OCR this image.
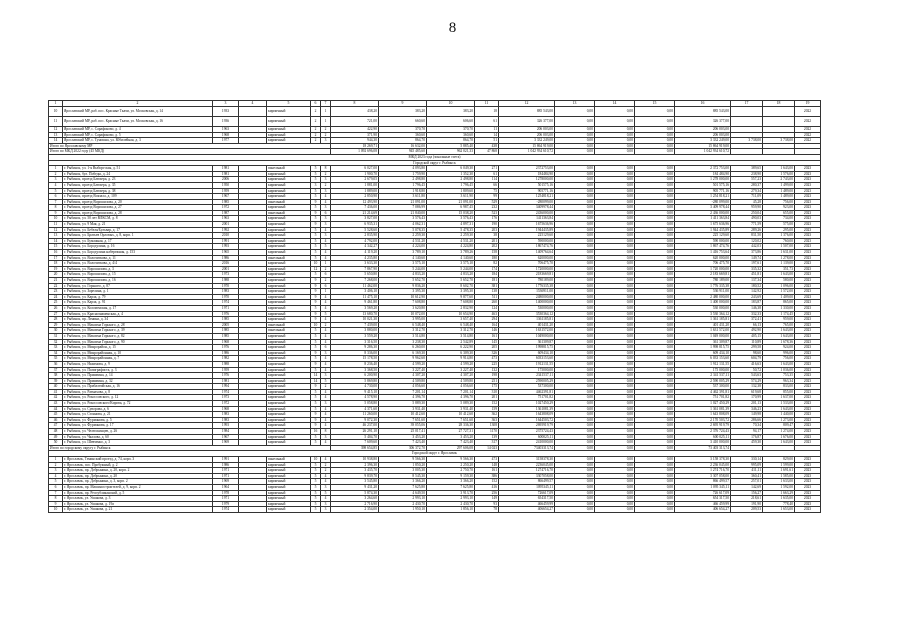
8
1	2	3	4	5	6	7	8	9	10	11	12	13	14	15	16	17	18	19
10	Ярославский МР, раб. пос. Красные Ткачи, ул. Московская, д. 14	1933		кирпичный	2	1	438,20	383,20	383,20	18	885 543,00	0,00	0,00	0,00	885 543,00			2022
11	Ярославский МР, раб. пос. Красные Ткачи, ул. Московская, д. 16	1936		кирпичный	2	1	721,00	660,60	606,60	61	326 377,00	0,00	0,00	0,00	326 377,00			2022
12	Ярославский МР, с. Сарафоново, д. 4	1963		кирпичный	2	2	422,90	370,70	370,70	11	206 003,00	0,00	0,00	0,00	206 003,00			2022
13	Ярославский МР, с. Сарафоново, д. 5	1968		кирпичный	2	2	371,90	360,60	360,60	14	206 003,00	0,00	0,00	0,00	206 003,00			2022
14	Ярославский МР, с. Туношна, ул. Юбилейная, д. 3	1977		кирпичный	2	3	944,30	864,70	864,70	51	3 332 249,00	0,00	0,00	0,00	3 332 249,00	3 738,00	3 738,00	2022
Итого по Ярославскому МР							18 269,71	16 632,00	5 885,40	438	15 864 919,00	0,00	0,00	0,00	15 864 919,00			
Итого по МКД 2022 году (45 МКД)							1 092 696,08	945 485,60	962 021,33	47 868	1 042 934 610,72	0,00	0,00	0,00	1 042 934 610,72			
МКД 2023 года (зональные счета)																		
Городской округ г. Рыбинск																		
1	г. Рыбинск, ул. 1-я Выборгская, д. 51	1981		панельный	5	8	6 027,00	4 093,80	6 049,30	271	2372753,00	0,00	0,00	0,00	2 372 753,00	389,65	1 643,00	2023
2	г. Рыбинск, бул. Победы, д. 24	1981		кирпичный	5	2	1 900,70	1 759,90	1 352,30	61	184484,90	0,00	0,00	0,00	184 484,90	238,90	1 576,00	2023
3	г. Рыбинск, проезд Блюхера, д. 23	2006		кирпичный	5	3	2 679,05	2 498,80	2 498,80	114	1278000,00	0,00	0,00	0,00	1 278 000,00	557,23	2 743,00	2023
4	г. Рыбинск, проезд Блюхера, д. 35	1950		кирпичный	3	2	1 881,00	1 796,45	1 796,45	66	501575,16	0,00	0,00	0,00	501 575,16	280,37	1 499,00	2023
5	г. Рыбинск, проезд Блюхера, д. 38	1959		кирпичный	5	3	1 889,00	1 918,80	1 809,60	75	905771,16	0,00	0,00	0,00	905 771,16	279,34	1 489,00	2023
6	г. Рыбинск, проезд Вокзала, д. 109	1967		кирпичный	5	4	2 850,90	3 611,80	3 611,90	99	1254818,21	0,00	0,00	0,00	1 254 818,21	711,09	1 489,00	2023
7	г. Рыбинск, проезд Ворошилова, д. 20	1985		панельный	9	4	12 493,90	21 091,00	21 091,00	529	-280099,00	0,00	0,00	0,00	-280 099,00	45,28	756,00	2023
8	г. Рыбинск, проезд Ворошилова, д. 27	1972		кирпичный	5	3	7 436,00	7 086,99	6 987,45	232	3409978,44	0,00	0,00	0,00	3 409 978,44	959,90	923,00	2023
9	г. Рыбинск, проезд Ворошилова, д. 28	1987		панельный	9	6	21 214,69	21 840,00	15 038,20	523	2436000,00	0,00	0,00	0,00	2 436 000,00	250,04	655,00	2023
10	г. Рыбинск, ул. 50 лет ВЛКСМ, д. 8	1963		кирпичный	5	3	3 827,00	3 576,43	3 576,43	176	1411363,84	0,00	0,00	0,00	1 411 363,84	490,03	734,00	2023
11	г. Рыбинск, ул. 9 Мая, д. 21	2001		кирпичный	9	3	6 935,31	4 062,31	4 897,31	190	1675636,96	0,00	0,00	0,00	1 675 636,96	771,59	575,00	2023
12	г. Рыбинск, ул. Бебеля/Бульвар, д. 17	1992		кирпичный	5	4	5 528,60	5 078,35	5 478,35	203	1944435,89	0,00	0,00	0,00	1 944 435,89	289,26	295,00	2023
13	г. Рыбинск, ул. Братьев Орловых, д. 8, корп. 1	2010		кирпичный	5	3	2 835,90	2 259,30	2 259,30	38	225129,60	0,00	0,00	0,00	225 129,60	831,50	1 376,00	2023
14	г. Рыбинск, ул. Бумажная, д. 17	1991		кирпичный	5	4	4 792,00	4 531,20	4 531,20	201	590000,00	0,00	0,00	0,00	590 000,00	120,02	760,00	2023
15	г. Рыбинск, ул. Бородулина, д. 16	1993		кирпичный	5	5	4 342,27	4 224,00	4 224,80	202	1867474,76	0,00	0,00	0,00	1 867 474,76	442,03	1 507,00	2023
16	г. Рыбинск, ул. Бородулина набережная, д. 153	1965		кирпичный	5	4	4 119,20	3 789,10	3 789,26	158	1409764,64	0,00	0,00	0,00	1 416 753,64	373,86	1 631,00	2023
17	г. Рыбинск, ул. Волочиткова, д. 11	1986		панельный	5	4	4 235,80	4 140,60	4 140,60	180	620000,00	0,00	0,00	0,00	620 000,00	149,74	1 278,00	2023
18	г. Рыбинск, ул. Волочиткова, д. 4/4	2016		кирпичный	10	1	3 633,30	3 575,10	3 575,10	82	706475,70	0,00	0,00	0,00	706 475,70	197,61	1 139,00	2023
19	г. Рыбинск, ул. Ворошилова, д. 3	2001		кирпичный	12	2	7 867,90	5 244,00	5 244,00	174	1720000,00	0,00	0,00	0,00	1 720 000,00	335,32	351,73	2023
20	г. Рыбинск, ул. Ворошилова, д. 15	1973		кирпичный	5	6	5 650,80	4 833,20	4 833,20	184	2183669,81	0,00	0,00	0,00	2 183 669,81	451,81	1 643,00	2023
21	г. Рыбинск, ул. Ворошилова, д. 16	1988		кирпичный	9	2	7 268,00	5 652,70	5 652,70	181	780189,00	0,00	0,00	0,00	780 189,00	137,34	580,00	2023
22	г. Рыбинск, ул. Горького, д. 87	1970		кирпичный	9	6	11 462,00	9 836,20	8 602,70	381	1776335,38	0,00	0,00	0,00	1 776 335,38	180,52	1 096,00	2023
23	г. Рыбинск, ул. Зарелина, д. 1	1983		кирпичный	9	1	3 406,10	3 395,30	3 395,30	138	1536911,00	0,00	0,00	0,00	536 911,00	142,92	1 572,00	2023
24	г. Рыбинск, ул. Карла, д. 79	1970		кирпичный	9	4	11 475,10	10 612,90	9 877,60	511	2480000,00	0,00	0,00	0,00	2 480 000,00	243,69	1 409,00	2023
25	г. Рыбинск, ул. Карла, д. 91	1974		кирпичный	9	4	9 461,80	7 608,80	7 608,80	260	1400000,00	0,00	0,00	0,00	1 400 000,00	183,87	865,00	2023
26	г. Рыбинск, ул. Коломенская, д. 17	1971		кирпичный	5	4	3 569,20	3 620,80	2 832,90	124	530000,00	0,00	0,00	0,00	530 000,00	146,38	1 330,00	2023
27	г. Рыбинск, ул. Краснознаменская, д. 4	1976		кирпичный	9	5	13 680,70	10 072,00	10 654,90	463	3530364,12	0,00	0,00	0,00	3 530 364,12	332,33	1 174,45	2023
28	г. Рыбинск, пр. Ленина, д. 34	1985		кирпичный	9	4	10 021,30	3 995,00	3 657,40	294	1361185,81	0,00	0,00	0,00	1 361 185,81	372,41	959,00	2023
29	г. Рыбинск, ул. Максима Горького, д. 28	2005		панельный	10	2	7 439,00	6 548,40	6 548,40	164	401431,20	0,00	0,00	0,00	401 431,20	66,13	765,00	2023
30	г. Рыбинск, ул. Максима Горького, д. 39	1985		панельный	5	4	3 880,00	3 312,70	3 312,70	146	1631572,00	0,00	0,00	0,00	1 631 572,00	492,90	1 643,00	2023
31	г. Рыбинск, ул. Максима Горького, д. 82	1985		кирпичный	5	4	3 559,20	3 514,80	3 514,80	161	1049000,00	0,00	0,00	0,00	1 049 000,00	405,15	1 643,00	2023
32	г. Рыбинск, ул. Максима Горького, д. 90	1968		кирпичный	5	4	3 316,50	3 238,30	2 542,89	145	361309,87	0,00	0,00	0,00	361 309,87	110,89	1 678,36	2023
33	г. Рыбинск, ул. Микрорайон, д. 15	1976		кирпичный	5	6	9 286,30	6 260,00	6 222,90	205	1998815,75	0,00	0,00	0,00	1 998 815,75	299,58	924,00	2023
34	г. Рыбинск, ул. Микрорайонная, д. 10	1986		кирпичный	9	3	8 336,00	6 169,30	6 309,30	326	609434,10	0,00	0,00	0,00	609 434,10	98,60	996,00	2023
35	г. Рыбинск, ул. Микрорайонная, д. 7	1982		кирпичный	5	4	15 178,50	9 962,60	9 914,80	473	6033153,60	0,00	0,00	0,00	6 033 153,60	604,79	756,00	2023
36	г. Рыбинск, ул. Нахимова, д. 9	1988		кирпичный	9	4	8 236,40	4 599,20	4 599,20	225	1912131,55	0,00	0,00	0,00	1 912 131,55	416,63	1 643,00	2023
37	г. Рыбинск, ул. Полиграфиста, д. 3	1959		кирпичный	5	4	3 368,50	3 227,40	3 227,40	132	175000,00	0,00	0,00	0,00	175 000,00	50,72	1 036,00	2023
38	г. Рыбинск, ул. Пришвина, д. 14	1976		кирпичный	14	3	6 200,90	4 307,20	4 307,20	198	2341537,11	0,00	0,00	0,00	2 341 537,11	543,63	753,35	2023
39	г. Рыбинск, ул. Пришвина, д. 32	1981		кирпичный	14	5	5 869,80	4 509,80	4 509,80	251	2590005,29	0,00	0,00	0,00	2 590 005,29	574,29	963,34	2023
40	г. Рыбинск, ул. Прибалтийская, д. 16	1994		кирпичный	9	2	4 730,00	4 056,60	4 056,60	175	537300,00	0,00	0,00	0,00	537 300,00	132,38	833,00	2023
41	г. Рыбинск, ул. Размахова, д. 8	1974		кирпичный	5	4	9 415,10	7 201,14	7 201,14	310	4462391,81	0,00	0,00	0,00	4 462 391,81	619,68	855,00	2023
42	г. Рыбинск, ул. Рокоссовского, д. 12	1973		кирпичный	5	4	4 578,90	4 396,70	4 396,70	201	751701,82	0,00	0,00	0,00	751 701,82	170,99	1 637,00	2023
43	г. Рыбинск, ул. Рокоссовского/Кирова, д. 72	1972		кирпичный	5	3	5 058,80	5 889,30	5 089,30	152	1027450,29	0,00	0,00	0,00	1 027 450,29	201,13	1 533,00	2023
44	г. Рыбинск, ул. Суворова, д. 6	1968		кирпичный	5	4	4 371,60	3 931,40	3 931,40	159	1361081,39	0,00	0,00	0,00	1 361 081,39	346,23	1 643,00	2023
45	г. Рыбинск, ул. Стоянова, д. 21	1983		кирпичный	9	4	11 260,00	10 412,60	10 412,60	362	1643808,09	0,00	0,00	0,00	1 643 808,09	149,98	1 440,00	2023
46	г. Рыбинск, ул. Фурманова, д. 5	1983		кирпичный	9	4	9 072,30	7 651,60	7 651,60	363	1644503,72	0,00	0,00	0,00	2 170 503,72	286,66	1 273,00	2023
47	г. Рыбинск, ул. Фурманова, д. 17	1993		кирпичный	9	4	46 237,00	39 055,06	28 336,30	1308	2695919,79	0,00	0,00	0,00	2 695 919,79	70,34	809,47	2023
48	г. Рыбинск, ул. Челюскинцев, д. 26	1984		кирпичный	16	8	26 291,10	25 017,41	27 727,31	1170	2375724,43	0,00	0,00	0,00	2 376 724,43	94,17	1 274,00	2023
49	г. Рыбинск, ул. Чкалова, д. 60	1967		кирпичный	5	3	5 404,70	3 453,20	3 453,20	139	600025,11	0,00	0,00	0,00	600 025,11	176,87	1 676,00	2023
50	г. Рыбинск, ул. Шевченко, д. 3	1969		кирпичный	5	4	7 609,60	7 423,40	7 423,40	317	2410000,00	0,00	0,00	0,00	3 410 000,00	459,30	1 643,00	2023
Итого по городскому округу г. Рыбинск							398 654,85	306 372,70	297 606,08	14 023	73403313,74	0,00	0,00	0,00	73 403 313,74			
Городской округ г. Ярославль																		
1	г. Ярославль, Тенинский проезд, д. 74, корп. 3	1991		панельный	10	4	10 938,80	9 566,30	9 566,30	473	3158378,30	0,00	0,00	0,00	3 158 378,30	330,14	829,00	2023
2	г. Ярославль, пос. Пробужный, д. 2	1986		кирпичный	5	2	2 396,30	1 850,20	2 250,20	148	2236045,00	0,00	0,00	0,00	2 236 045,00	995,09	1 599,00	2023
3	г. Ярославль, пр. Добрынина, д. 20, корп. 2	1971		кирпичный	5	2	3 435,70	3 005,30	2 750,70	161	1274716,70	0,00	0,00	0,00	1 274 716,70	411,11	1 691,61	2023
4	г. Ярославль, пр. Добрынина, д. 20	1971		кирпичный	5	4	9 839,70	8 545,30	9 159,30	386	3307058,00	0,00	0,00	0,00	3 307 058,00	360,41	1 585,00	2023
5	г. Ярославль, пр. Добрынина, д. 3, корп. 2	1969		кирпичный	5	4	3 545,80	3 366,20	3 366,20	152	866499,57	0,00	0,00	0,00	866 499,57	257,01	1 633,00	2023
6	г. Ярославль, пр. Машиностроителей, д. 9, корп. 2	1964		кирпичный	5	3	9 431,20	7 625,80	7 625,80	416	1095345,11	0,00	0,00	0,00	1 095 345,11	142,69	1 592,00	2023
7	г. Ярославль, пр. Республиканский, д. 5	1978		кирпичный	5	5	5 874,30	4 649,50	3 913,70	256	726617,09	0,00	0,00	0,00	726 617,09	156,27	1 663,29	2023
8	г. Ярославль, ул. Ушакова, д. 3	1971		кирпичный	5	4	3 264,60	2 993,10	2 993,10	149	654317,50	0,00	0,00	0,00	654 317,50	218,61	1 635,00	2023
9	г. Ярославль, ул. Ушакова, д. 19а	1979		кирпичный	5	3	2 716,90	2 430,70	2 430,70	93	466459,99	0,00	0,00	0,00	466 459,99	191,90	778,40	2023
10	г. Ярославль, ул. Ушакова, д. 21	1974		кирпичный	5	3	2 354,00	1 950,10	1 856,10	78	406654,27	0,00	0,00	0,00	406 654,27	209,53	1 653,00	2023
